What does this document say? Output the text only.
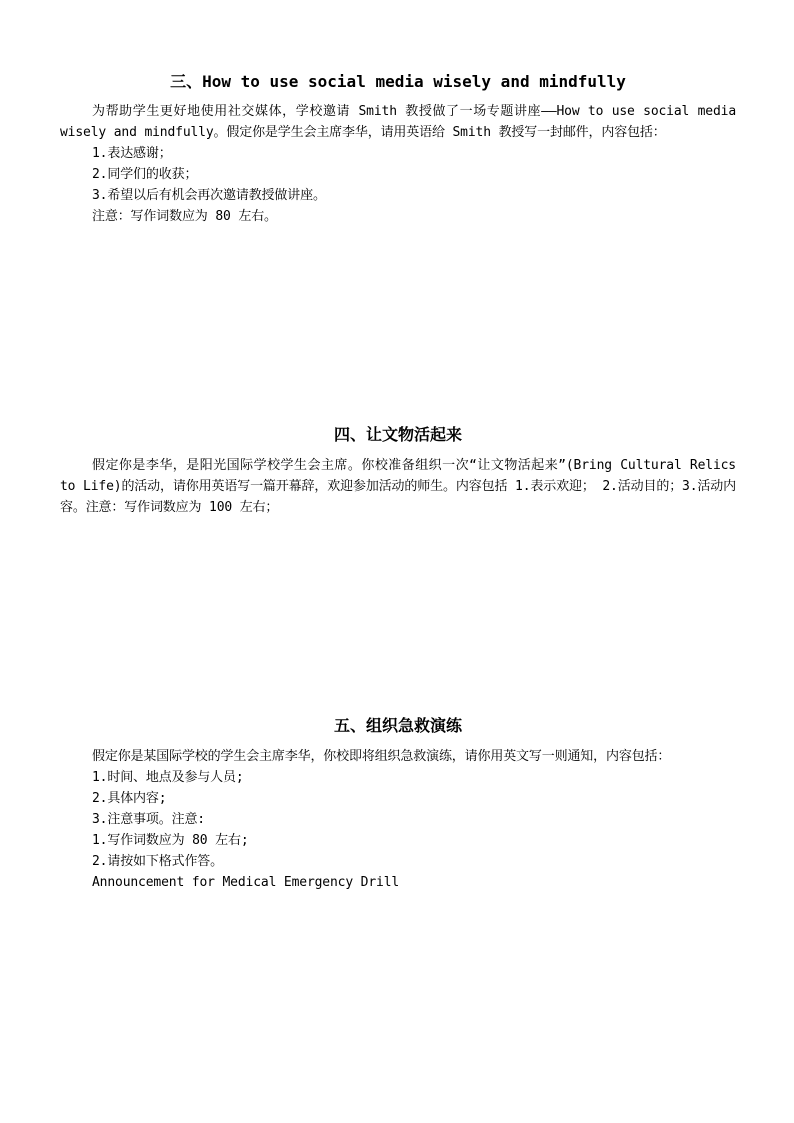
三、How to use social media wisely and mindfully

为帮助学生更好地使用社交媒体，学校邀请 Smith 教授做了一场专题讲座——How to use social media wisely and mindfully。假定你是学生会主席李华，请用英语给 Smith 教授写一封邮件，内容包括：

1.表达感谢；

2.同学们的收获；

3.希望以后有机会再次邀请教授做讲座。

注意：写作词数应为 80 左右。

四、让文物活起来

假定你是李华，是阳光国际学校学生会主席。你校准备组织一次“让文物活起来”(Bring Cultural Relics to Life)的活动，请你用英语写一篇开幕辞，欢迎参加活动的师生。内容包括 1.表示欢迎； 2.活动目的；3.活动内容。注意：写作词数应为 100 左右；

五、组织急救演练

假定你是某国际学校的学生会主席李华，你校即将组织急救演练，请你用英文写一则通知，内容包括：

1.时间、地点及参与人员;

2.具体内容;

3.注意事项。注意:

1.写作词数应为 80 左右;

2.请按如下格式作答。

Announcement for Medical Emergency Drill
